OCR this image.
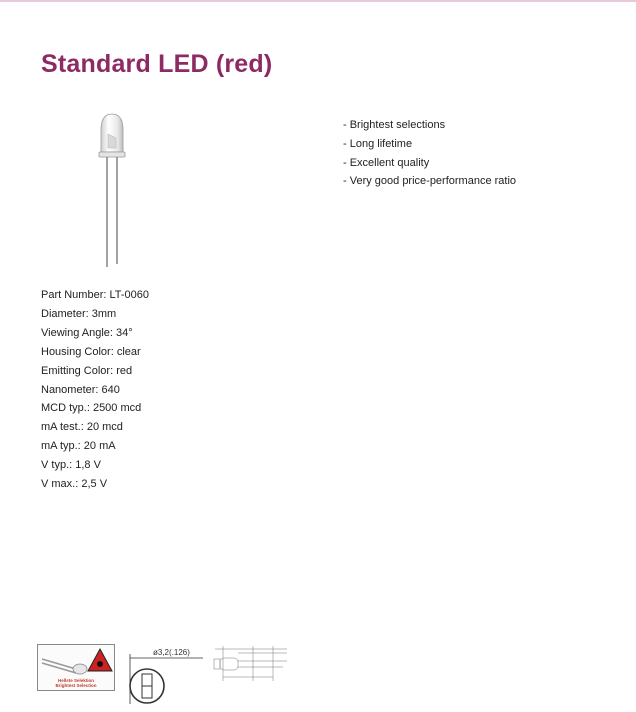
Standard LED (red)
- Brightest selections
- Long lifetime
- Excellent quality
- Very good price-performance ratio
Part Number: LT-0060
Diameter: 3mm
Viewing Angle: 34°
Housing Color: clear
Emitting Color: red
Nanometer: 640
MCD typ.: 2500 mcd
mA test.: 20 mcd
mA typ.: 20 mA
V typ.: 1,8 V
V max.: 2,5 V
Hellste Selektion
Brightest Selection
ø3,2(.126)
